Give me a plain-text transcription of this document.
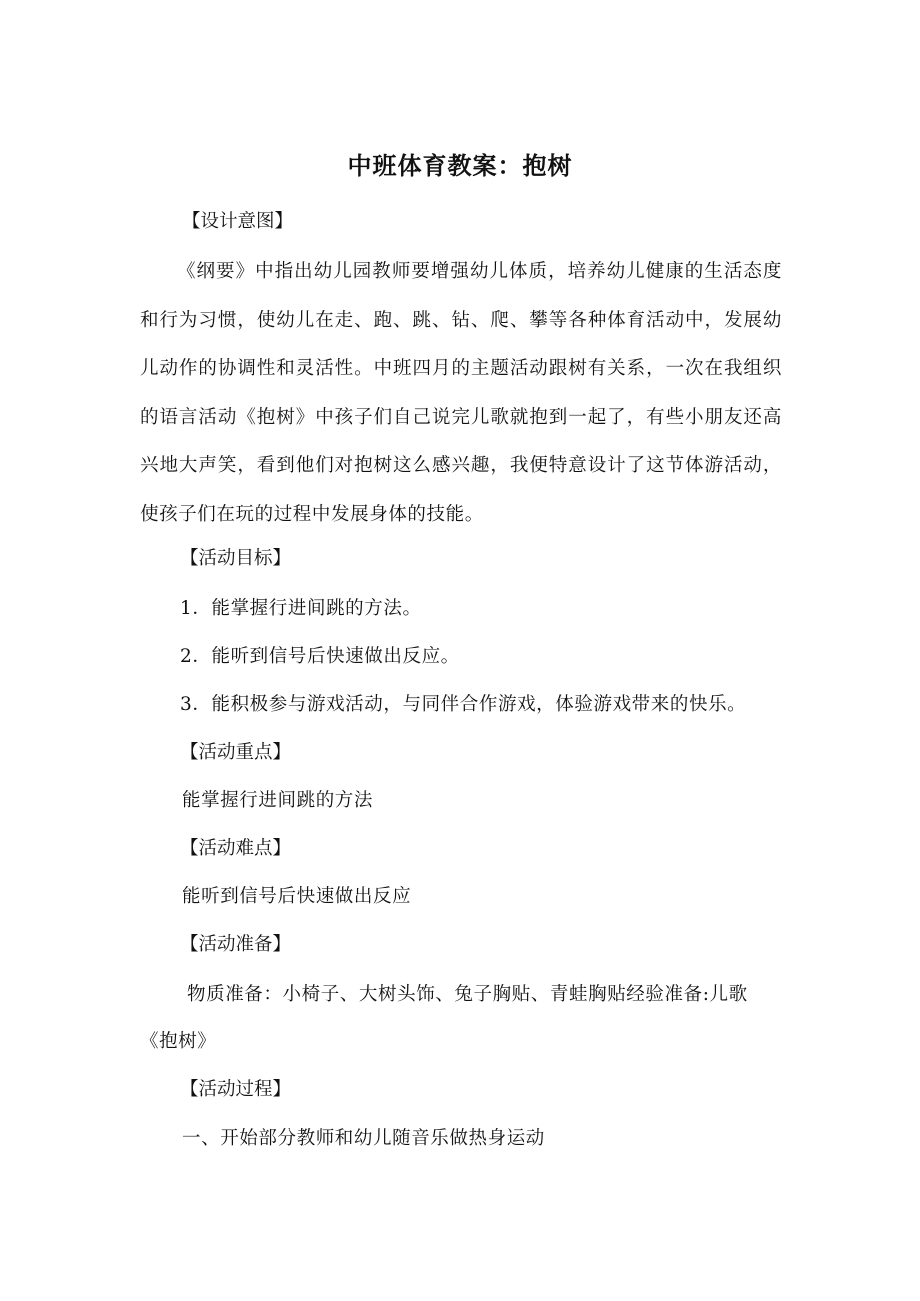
中班体育教案：抱树
【设计意图】
《纲要》中指出幼儿园教师要增强幼儿体质，培养幼儿健康的生活态度和行为习惯，使幼儿在走、跑、跳、钻、爬、攀等各种体育活动中，发展幼儿动作的协调性和灵活性。中班四月的主题活动跟树有关系，一次在我组织的语言活动《抱树》中孩子们自己说完儿歌就抱到一起了，有些小朋友还高兴地大声笑，看到他们对抱树这么感兴趣，我便特意设计了这节体游活动，使孩子们在玩的过程中发展身体的技能。
【活动目标】
1．能掌握行进间跳的方法。
2．能听到信号后快速做出反应。
3．能积极参与游戏活动，与同伴合作游戏，体验游戏带来的快乐。
【活动重点】
能掌握行进间跳的方法
【活动难点】
能听到信号后快速做出反应
【活动准备】
物质准备：小椅子、大树头饰、兔子胸贴、青蛙胸贴经验准备:儿歌
《抱树》
【活动过程】
一、开始部分教师和幼儿随音乐做热身运动
